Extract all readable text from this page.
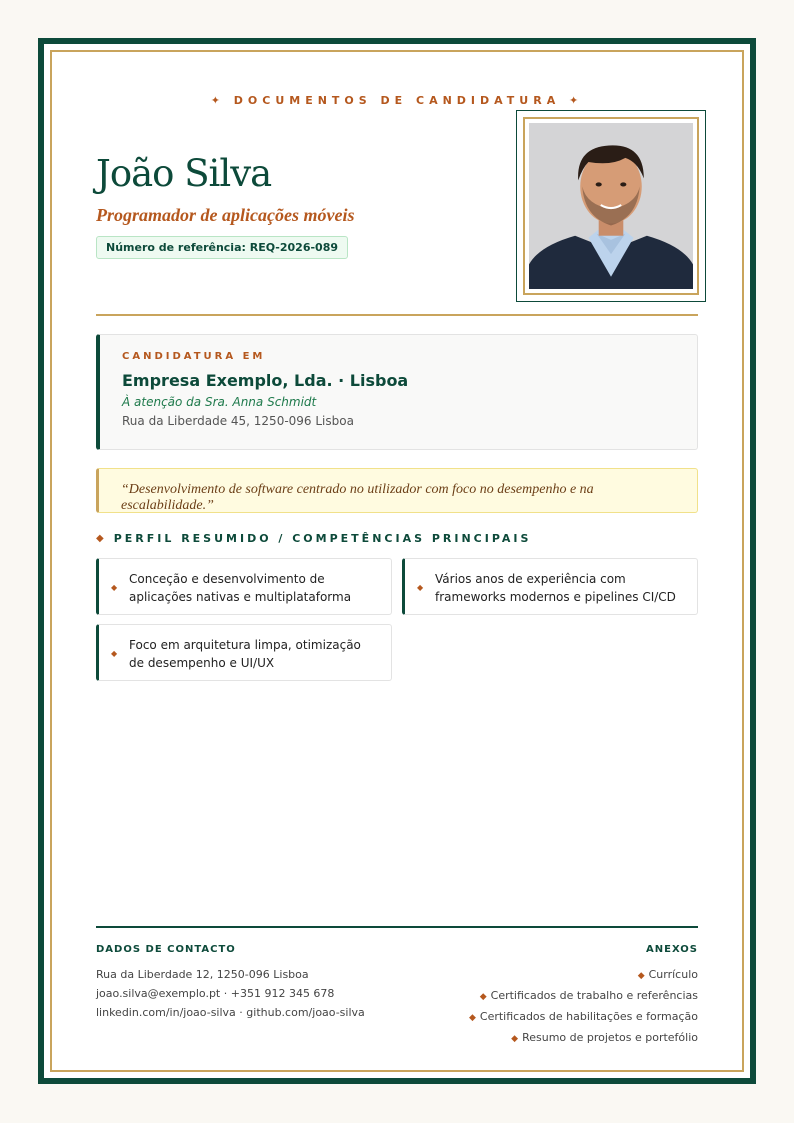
✦ DOCUMENTOS DE CANDIDATURA ✦
João Silva
Programador de aplicações móveis
Número de referência: REQ-2026-089
CANDIDATURA EM
Empresa Exemplo, Lda. · Lisboa
À atenção da Sra. Anna Schmidt
Rua da Liberdade 45, 1250-096 Lisboa
“Desenvolvimento de software centrado no utilizador com foco no desempenho e na escalabilidade.”
◆ PERFIL RESUMIDO / COMPETÊNCIAS PRINCIPAIS
◆
Conceção e desenvolvimento de aplicações nativas e multiplataforma
◆
Vários anos de experiência com frameworks modernos e pipelines CI/CD
◆
Foco em arquitetura limpa, otimização de desempenho e UI/UX
DADOS DE CONTACTO
Rua da Liberdade 12, 1250-096 Lisboa
joao.silva@exemplo.pt · +351 912 345 678
linkedin.com/in/joao-silva · github.com/joao-silva
ANEXOS
◆ Currículo
◆ Certificados de trabalho e referências
◆ Certificados de habilitações e formação
◆ Resumo de projetos e portefólio
